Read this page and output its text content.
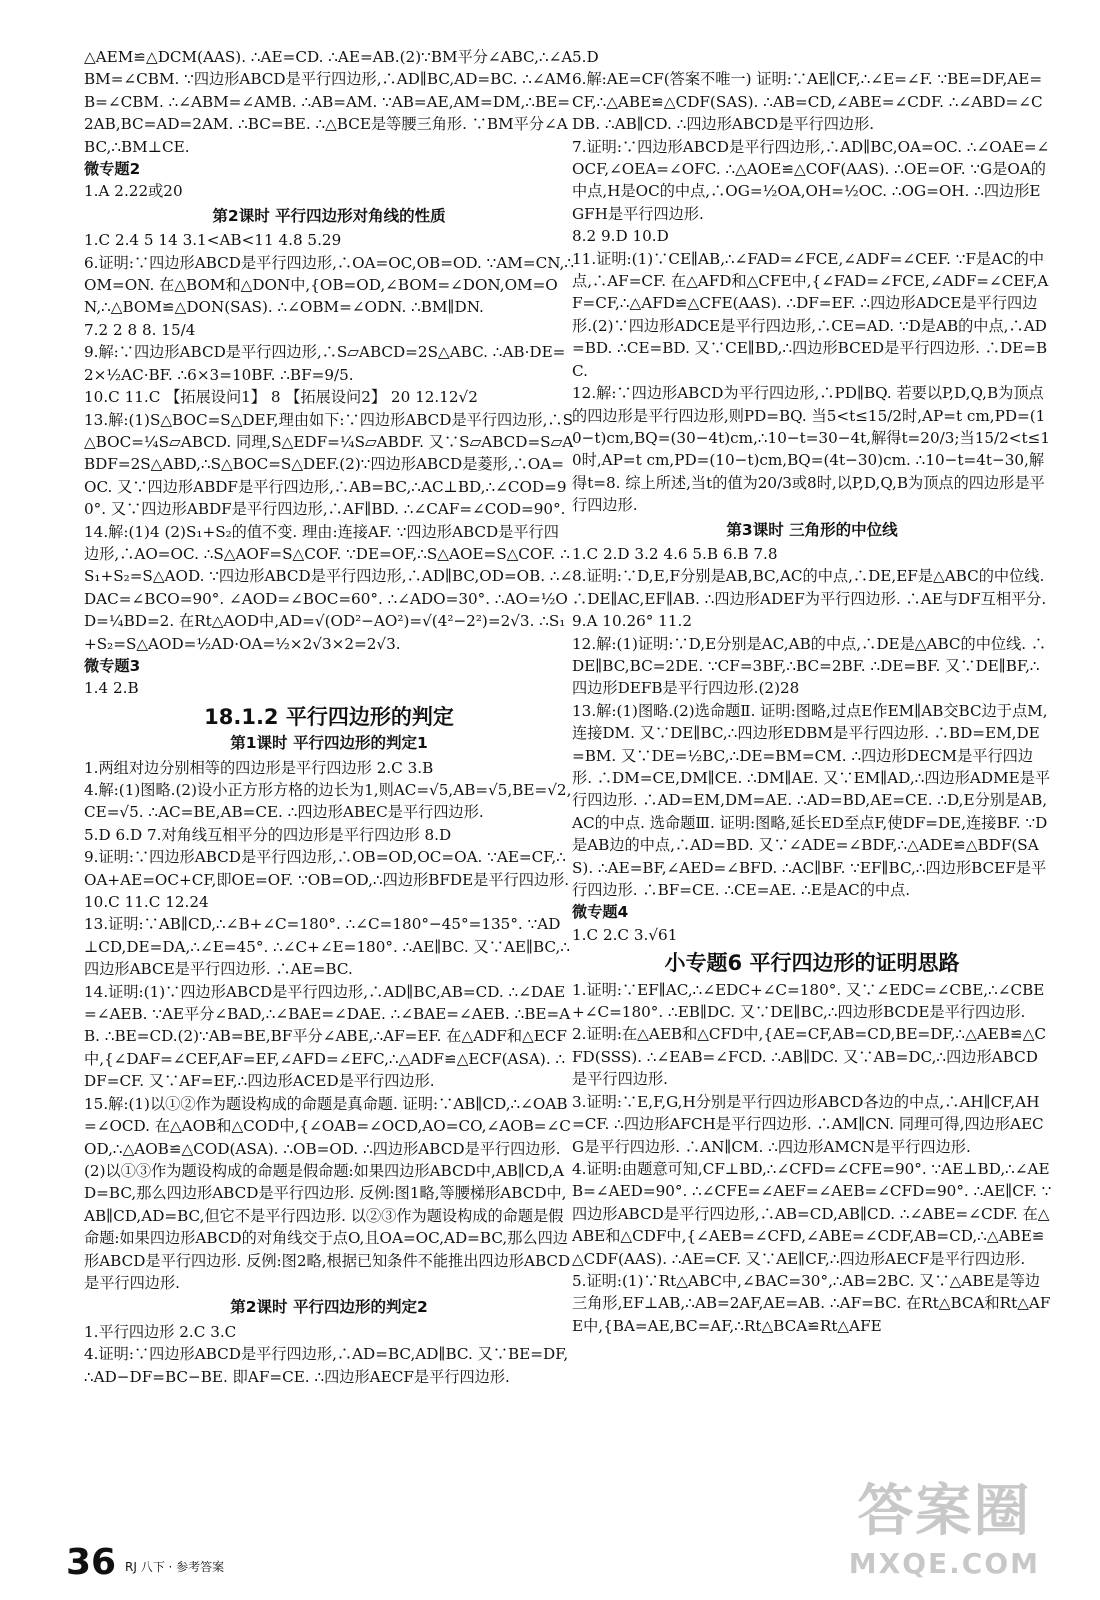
△AEM≌△DCM(AAS). ∴AE=CD. ∴AE=AB.(2)∵BM平分∠ABC,∴∠ABM=∠CBM. ∵四边形ABCD是平行四边形,∴AD∥BC,AD=BC. ∴∠AMB=∠CBM. ∴∠ABM=∠AMB. ∴AB=AM. ∵AB=AE,AM=DM,∴BE=2AB,BC=AD=2AM. ∴BC=BE. ∴△BCE是等腰三角形. ∵BM平分∠ABC,∴BM⊥CE.
微专题2
1.A 2.22或20
第2课时 平行四边形对角线的性质
1.C 2.4 5 14 3.1<AB<11 4.8 5.29
6.证明:∵四边形ABCD是平行四边形,∴OA=OC,OB=OD. ∵AM=CN,∴OM=ON. 在△BOM和△DON中,{OB=OD,∠BOM=∠DON,OM=ON,∴△BOM≌△DON(SAS). ∴∠OBM=∠ODN. ∴BM∥DN.
7.2 2 8 8. 15/4
9.解:∵四边形ABCD是平行四边形,∴S▱ABCD=2S△ABC. ∴AB·DE=2×½AC·BF. ∴6×3=10BF. ∴BF=9/5.
10.C 11.C 【拓展设问1】 8 【拓展设问2】 20 12.12√2
13.解:(1)S△BOC=S△DEF,理由如下:∵四边形ABCD是平行四边形,∴S△BOC=¼S▱ABCD. 同理,S△EDF=¼S▱ABDF. 又∵S▱ABCD=S▱ABDF=2S△ABD,∴S△BOC=S△DEF.(2)∵四边形ABCD是菱形,∴OA=OC. 又∵四边形ABDF是平行四边形,∴AB=BC,∴AC⊥BD,∴∠COD=90°. 又∵四边形ABDF是平行四边形,∴AF∥BD. ∴∠CAF=∠COD=90°.
14.解:(1)4 (2)S₁+S₂的值不变. 理由:连接AF. ∵四边形ABCD是平行四边形,∴AO=OC. ∴S△AOF=S△COF. ∵DE=OF,∴S△AOE=S△COF. ∴S₁+S₂=S△AOD. ∵四边形ABCD是平行四边形,∴AD∥BC,OD=OB. ∴∠DAC=∠BCO=90°. ∠AOD=∠BOC=60°. ∴∠ADO=30°. ∴AO=½OD=¼BD=2. 在Rt△AOD中,AD=√(OD²−AO²)=√(4²−2²)=2√3. ∴S₁+S₂=S△AOD=½AD·OA=½×2√3×2=2√3.
微专题3
1.4 2.B
18.1.2 平行四边形的判定
第1课时 平行四边形的判定1
1.两组对边分别相等的四边形是平行四边形 2.C 3.B
4.解:(1)图略.(2)设小正方形方格的边长为1,则AC=√5,AB=√5,BE=√2,CE=√5. ∴AC=BE,AB=CE. ∴四边形ABEC是平行四边形.
5.D 6.D 7.对角线互相平分的四边形是平行四边形 8.D
9.证明:∵四边形ABCD是平行四边形,∴OB=OD,OC=OA. ∵AE=CF,∴OA+AE=OC+CF,即OE=OF. ∵OB=OD,∴四边形BFDE是平行四边形.
10.C 11.C 12.24
13.证明:∵AB∥CD,∴∠B+∠C=180°. ∴∠C=180°−45°=135°. ∵AD⊥CD,DE=DA,∴∠E=45°. ∴∠C+∠E=180°. ∴AE∥BC. 又∵AE∥BC,∴四边形ABCE是平行四边形. ∴AE=BC.
14.证明:(1)∵四边形ABCD是平行四边形,∴AD∥BC,AB=CD. ∴∠DAE=∠AEB. ∵AE平分∠BAD,∴∠BAE=∠DAE. ∴∠BAE=∠AEB. ∴BE=AB. ∴BE=CD.(2)∵AB=BE,BF平分∠ABE,∴AF=EF. 在△ADF和△ECF中,{∠DAF=∠CEF,AF=EF,∠AFD=∠EFC,∴△ADF≌△ECF(ASA). ∴DF=CF. 又∵AF=EF,∴四边形ACED是平行四边形.
15.解:(1)以①②作为题设构成的命题是真命题. 证明:∵AB∥CD,∴∠OAB=∠OCD. 在△AOB和△COD中,{∠OAB=∠OCD,AO=CO,∠AOB=∠COD,∴△AOB≌△COD(ASA). ∴OB=OD. ∴四边形ABCD是平行四边形.(2)以①③作为题设构成的命题是假命题:如果四边形ABCD中,AB∥CD,AD=BC,那么四边形ABCD是平行四边形. 反例:图1略,等腰梯形ABCD中,AB∥CD,AD=BC,但它不是平行四边形. 以②③作为题设构成的命题是假命题:如果四边形ABCD的对角线交于点O,且OA=OC,AD=BC,那么四边形ABCD是平行四边形. 反例:图2略,根据已知条件不能推出四边形ABCD是平行四边形.
第2课时 平行四边形的判定2
1.平行四边形 2.C 3.C
4.证明:∵四边形ABCD是平行四边形,∴AD=BC,AD∥BC. 又∵BE=DF,∴AD−DF=BC−BE. 即AF=CE. ∴四边形AECF是平行四边形.
5.D
6.解:AE=CF(答案不唯一) 证明:∵AE∥CF,∴∠E=∠F. ∵BE=DF,AE=CF,∴△ABE≌△CDF(SAS). ∴AB=CD,∠ABE=∠CDF. ∴∠ABD=∠CDB. ∴AB∥CD. ∴四边形ABCD是平行四边形.
7.证明:∵四边形ABCD是平行四边形,∴AD∥BC,OA=OC. ∴∠OAE=∠OCF,∠OEA=∠OFC. ∴△AOE≌△COF(AAS). ∴OE=OF. ∵G是OA的中点,H是OC的中点,∴OG=½OA,OH=½OC. ∴OG=OH. ∴四边形EGFH是平行四边形.
8.2 9.D 10.D
11.证明:(1)∵CE∥AB,∴∠FAD=∠FCE,∠ADF=∠CEF. ∵F是AC的中点,∴AF=CF. 在△AFD和△CFE中,{∠FAD=∠FCE,∠ADF=∠CEF,AF=CF,∴△AFD≌△CFE(AAS). ∴DF=EF. ∴四边形ADCE是平行四边形.(2)∵四边形ADCE是平行四边形,∴CE=AD. ∵D是AB的中点,∴AD=BD. ∴CE=BD. 又∵CE∥BD,∴四边形BCED是平行四边形. ∴DE=BC.
12.解:∵四边形ABCD为平行四边形,∴PD∥BQ. 若要以P,D,Q,B为顶点的四边形是平行四边形,则PD=BQ. 当5<t≤15/2时,AP=t cm,PD=(10−t)cm,BQ=(30−4t)cm,∴10−t=30−4t,解得t=20/3;当15/2<t≤10时,AP=t cm,PD=(10−t)cm,BQ=(4t−30)cm. ∴10−t=4t−30,解得t=8. 综上所述,当t的值为20/3或8时,以P,D,Q,B为顶点的四边形是平行四边形.
第3课时 三角形的中位线
1.C 2.D 3.2 4.6 5.B 6.B 7.8
8.证明:∵D,E,F分别是AB,BC,AC的中点,∴DE,EF是△ABC的中位线. ∴DE∥AC,EF∥AB. ∴四边形ADEF为平行四边形. ∴AE与DF互相平分.
9.A 10.26° 11.2
12.解:(1)证明:∵D,E分别是AC,AB的中点,∴DE是△ABC的中位线. ∴DE∥BC,BC=2DE. ∵CF=3BF,∴BC=2BF. ∴DE=BF. 又∵DE∥BF,∴四边形DEFB是平行四边形.(2)28
13.解:(1)图略.(2)选命题Ⅱ. 证明:图略,过点E作EM∥AB交BC边于点M,连接DM. 又∵DE∥BC,∴四边形EDBM是平行四边形. ∴BD=EM,DE=BM. 又∵DE=½BC,∴DE=BM=CM. ∴四边形DECM是平行四边形. ∴DM=CE,DM∥CE. ∴DM∥AE. 又∵EM∥AD,∴四边形ADME是平行四边形. ∴AD=EM,DM=AE. ∴AD=BD,AE=CE. ∴D,E分别是AB,AC的中点. 选命题Ⅲ. 证明:图略,延长ED至点F,使DF=DE,连接BF. ∵D是AB边的中点,∴AD=BD. 又∵∠ADE=∠BDF,∴△ADE≌△BDF(SAS). ∴AE=BF,∠AED=∠BFD. ∴AC∥BF. ∵EF∥BC,∴四边形BCEF是平行四边形. ∴BF=CE. ∴CE=AE. ∴E是AC的中点.
微专题4
1.C 2.C 3.√61
小专题6 平行四边形的证明思路
1.证明:∵EF∥AC,∴∠EDC+∠C=180°. 又∵∠EDC=∠CBE,∴∠CBE+∠C=180°. ∴EB∥DC. 又∵DE∥BC,∴四边形BCDE是平行四边形.
2.证明:在△AEB和△CFD中,{AE=CF,AB=CD,BE=DF,∴△AEB≌△CFD(SSS). ∴∠EAB=∠FCD. ∴AB∥DC. 又∵AB=DC,∴四边形ABCD是平行四边形.
3.证明:∵E,F,G,H分别是平行四边形ABCD各边的中点,∴AH∥CF,AH=CF. ∴四边形AFCH是平行四边形. ∴AM∥CN. 同理可得,四边形AECG是平行四边形. ∴AN∥CM. ∴四边形AMCN是平行四边形.
4.证明:由题意可知,CF⊥BD,∴∠CFD=∠CFE=90°. ∵AE⊥BD,∴∠AEB=∠AED=90°. ∴∠CFE=∠AEF=∠AEB=∠CFD=90°. ∴AE∥CF. ∵四边形ABCD是平行四边形,∴AB=CD,AB∥CD. ∴∠ABE=∠CDF. 在△ABE和△CDF中,{∠AEB=∠CFD,∠ABE=∠CDF,AB=CD,∴△ABE≌△CDF(AAS). ∴AE=CF. 又∵AE∥CF,∴四边形AECF是平行四边形.
5.证明:(1)∵Rt△ABC中,∠BAC=30°,∴AB=2BC. 又∵△ABE是等边三角形,EF⊥AB,∴AB=2AF,AE=AB. ∴AF=BC. 在Rt△BCA和Rt△AFE中,{BA=AE,BC=AF,∴Rt△BCA≌Rt△AFE
36 RJ 八下 · 参考答案
答案圈
MXQE.COM
